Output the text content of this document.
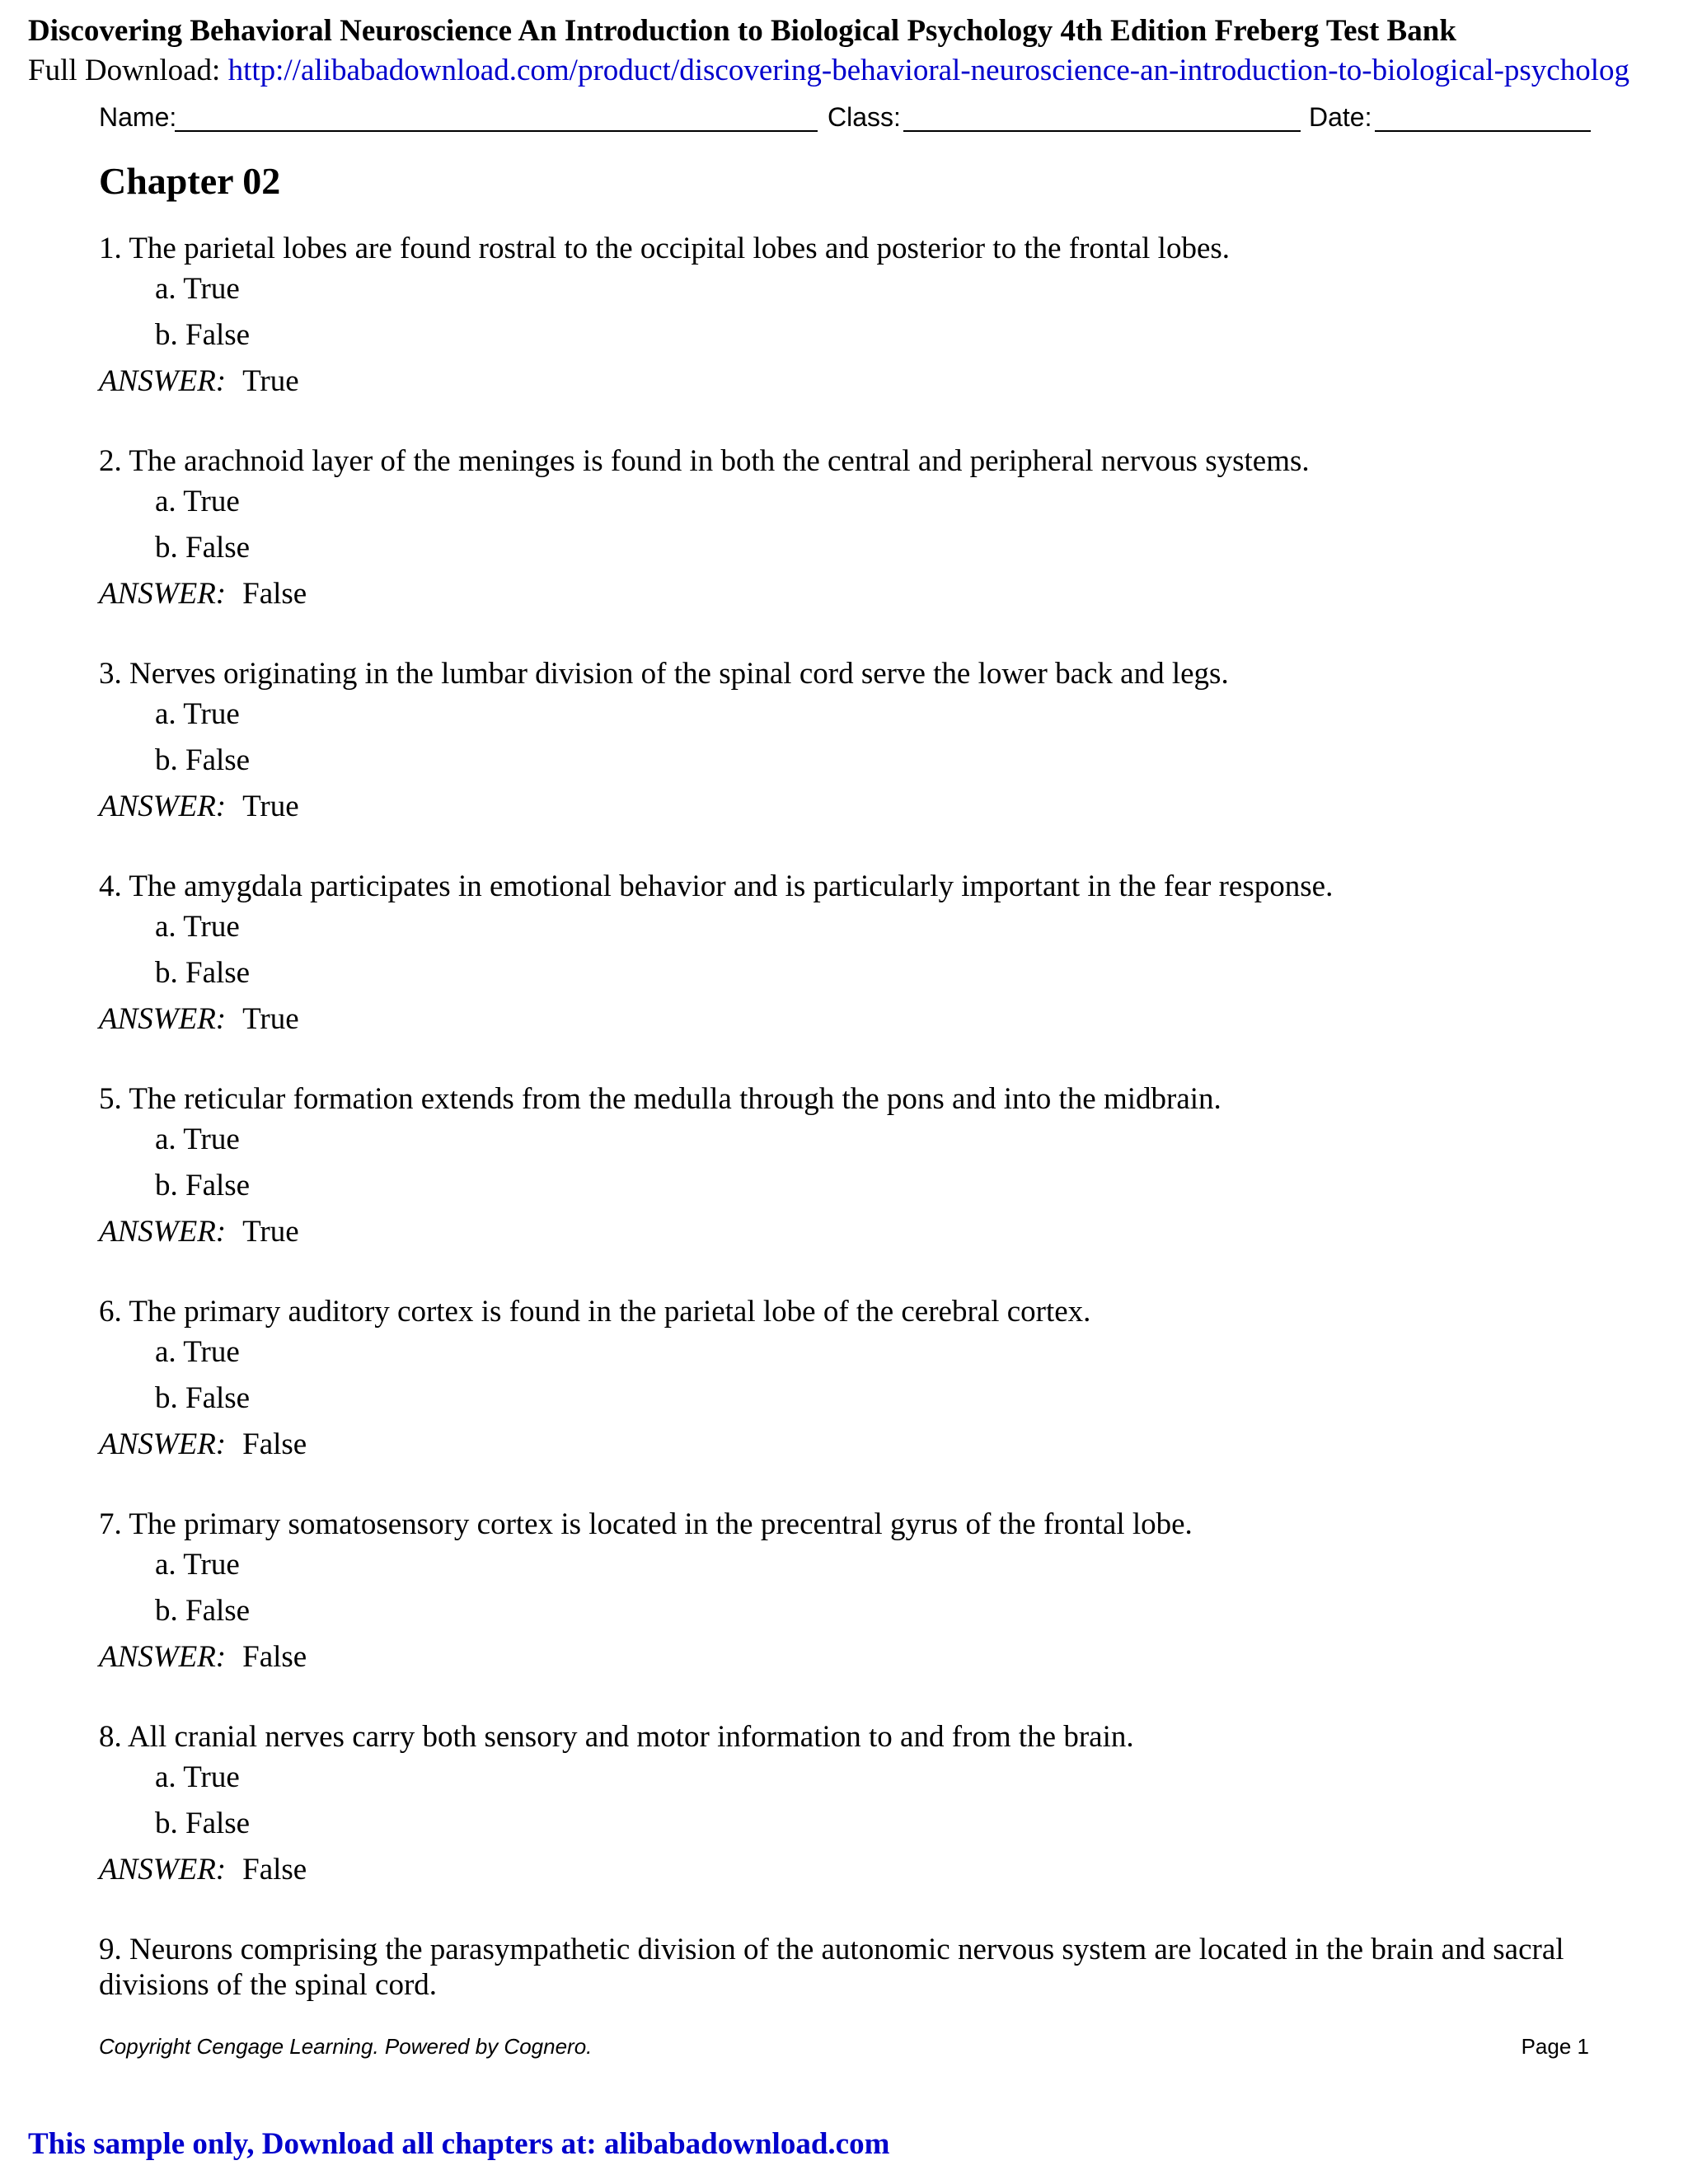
Discovering Behavioral Neuroscience An Introduction to Biological Psychology 4th Edition Freberg Test Bank
Full Download: http://alibabadownload.com/product/discovering-behavioral-neuroscience-an-introduction-to-biological-psycholog
Name:	Class:	Date:
Chapter 02
1. The parietal lobes are found rostral to the occipital lobes and posterior to the frontal lobes.
a. True
b. False
ANSWER: True
2. The arachnoid layer of the meninges is found in both the central and peripheral nervous systems.
a. True
b. False
ANSWER: False
3. Nerves originating in the lumbar division of the spinal cord serve the lower back and legs.
a. True
b. False
ANSWER: True
4. The amygdala participates in emotional behavior and is particularly important in the fear response.
a. True
b. False
ANSWER: True
5. The reticular formation extends from the medulla through the pons and into the midbrain.
a. True
b. False
ANSWER: True
6. The primary auditory cortex is found in the parietal lobe of the cerebral cortex.
a. True
b. False
ANSWER: False
7. The primary somatosensory cortex is located in the precentral gyrus of the frontal lobe.
a. True
b. False
ANSWER: False
8. All cranial nerves carry both sensory and motor information to and from the brain.
a. True
b. False
ANSWER: False
9. Neurons comprising the parasympathetic division of the autonomic nervous system are located in the brain and sacral divisions of the spinal cord.
Copyright Cengage Learning. Powered by Cognero.	Page 1
This sample only, Download all chapters at: alibabadownload.com
